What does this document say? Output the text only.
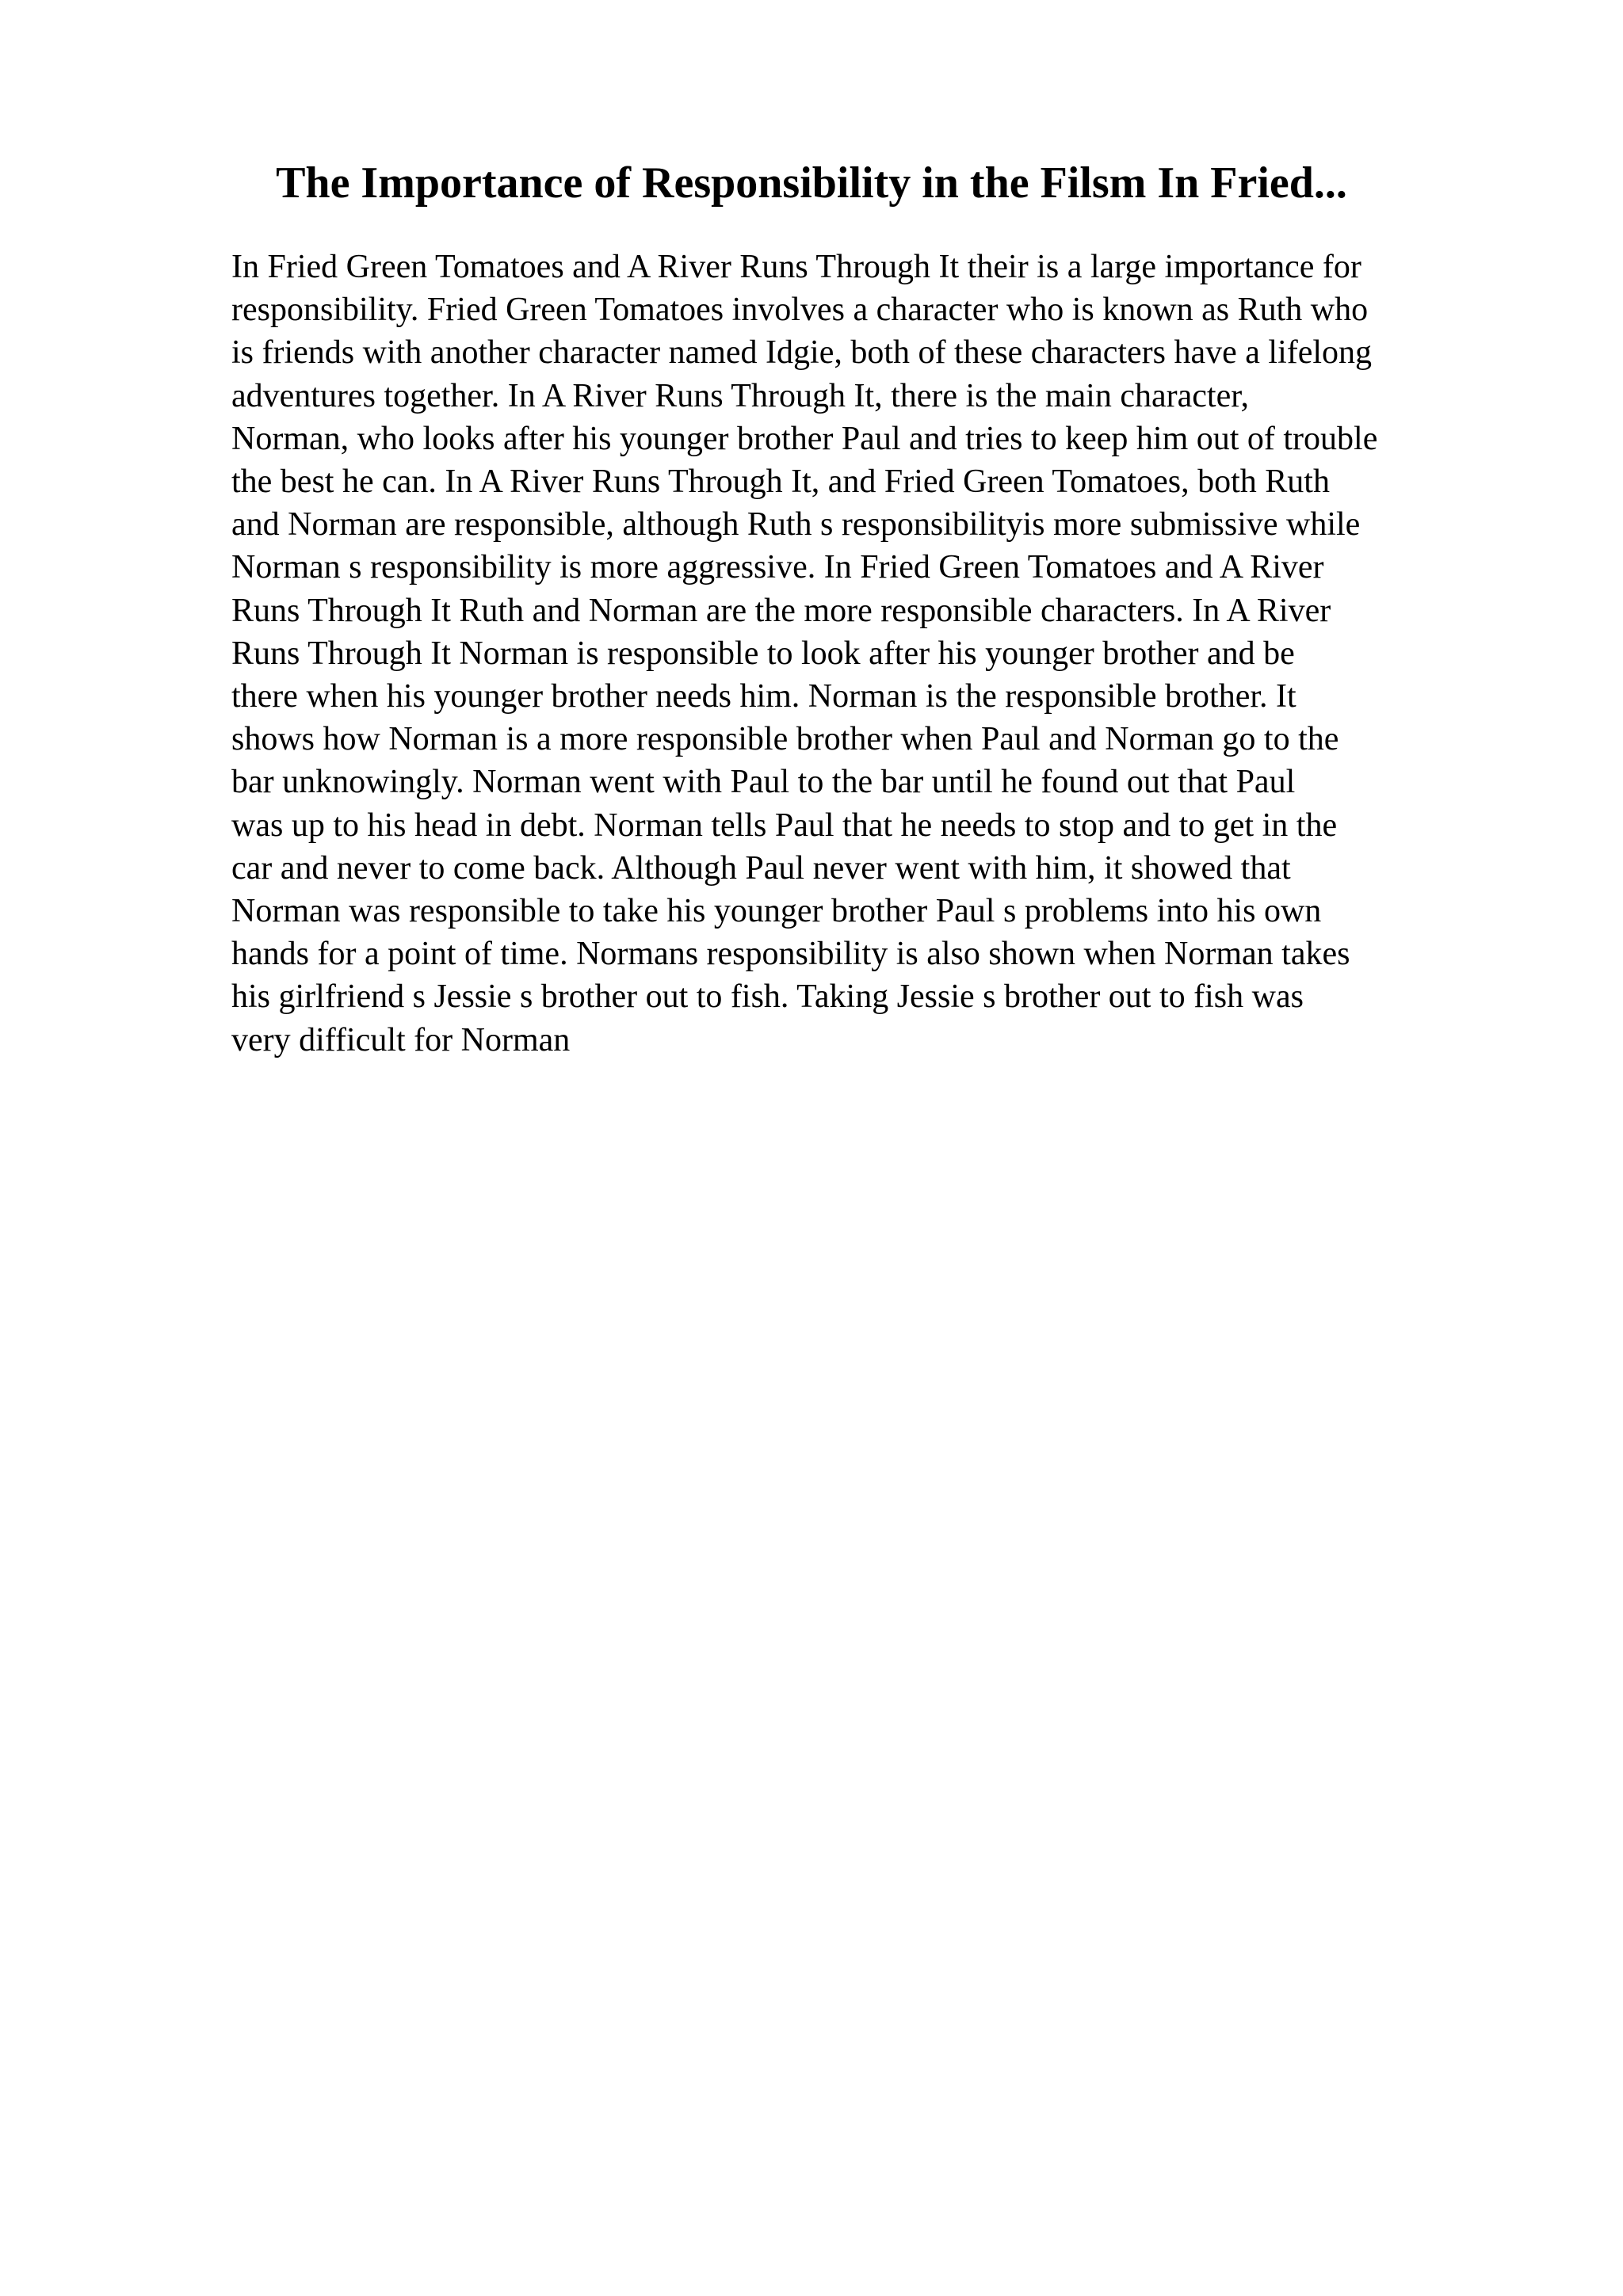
The Importance of Responsibility in the Filsm In Fried...
In Fried Green Tomatoes and A River Runs Through It their is a large importance for
responsibility. Fried Green Tomatoes involves a character who is known as Ruth who
is friends with another character named Idgie, both of these characters have a lifelong
adventures together. In A River Runs Through It, there is the main character,
Norman, who looks after his younger brother Paul and tries to keep him out of trouble
the best he can. In A River Runs Through It, and Fried Green Tomatoes, both Ruth
and Norman are responsible, although Ruth s responsibilityis more submissive while
Norman s responsibility is more aggressive. In Fried Green Tomatoes and A River
Runs Through It Ruth and Norman are the more responsible characters. In A River
Runs Through It Norman is responsible to look after his younger brother and be
there when his younger brother needs him. Norman is the responsible brother. It
shows how Norman is a more responsible brother when Paul and Norman go to the
bar unknowingly. Norman went with Paul to the bar until he found out that Paul
was up to his head in debt. Norman tells Paul that he needs to stop and to get in the
car and never to come back. Although Paul never went with him, it showed that
Norman was responsible to take his younger brother Paul s problems into his own
hands for a point of time. Normans responsibility is also shown when Norman takes
his girlfriend s Jessie s brother out to fish. Taking Jessie s brother out to fish was
very difficult for Norman
